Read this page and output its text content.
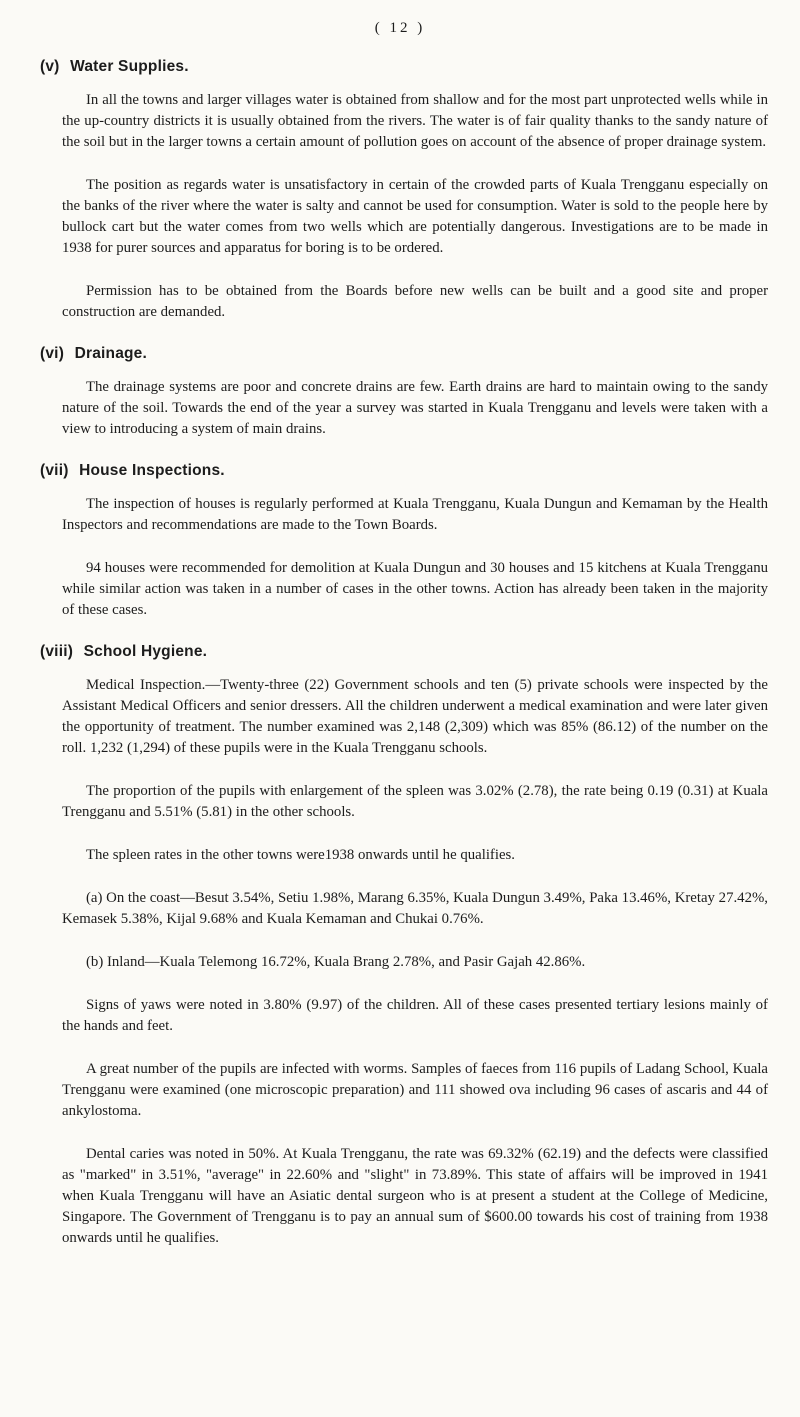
( 12 )
(v) Water Supplies.

In all the towns and larger villages water is obtained from shallow and for the most part unprotected wells while in the up-country districts it is usually obtained from the rivers. The water is of fair quality thanks to the sandy nature of the soil but in the larger towns a certain amount of pollution goes on account of the absence of proper drainage system.

The position as regards water is unsatisfactory in certain of the crowded parts of Kuala Trengganu especially on the banks of the river where the water is salty and cannot be used for consumption. Water is sold to the people here by bullock cart but the water comes from two wells which are potentially dangerous. Investigations are to be made in 1938 for purer sources and apparatus for boring is to be ordered.

Permission has to be obtained from the Boards before new wells can be built and a good site and proper construction are demanded.

(vi) Drainage.

The drainage systems are poor and concrete drains are few. Earth drains are hard to maintain owing to the sandy nature of the soil. Towards the end of the year a survey was started in Kuala Trengganu and levels were taken with a view to introducing a system of main drains.

(vii) House Inspections.

The inspection of houses is regularly performed at Kuala Trengganu, Kuala Dungun and Kemaman by the Health Inspectors and recommendations are made to the Town Boards.

94 houses were recommended for demolition at Kuala Dungun and 30 houses and 15 kitchens at Kuala Trengganu while similar action was taken in a number of cases in the other towns. Action has already been taken in the majority of these cases.

(viii) School Hygiene.

Medical Inspection.—Twenty-three (22) Government schools and ten (5) private schools were inspected by the Assistant Medical Officers and senior dressers. All the children underwent a medical examination and were later given the opportunity of treatment. The number examined was 2,148 (2,309) which was 85% (86.12) of the number on the roll. 1,232 (1,294) of these pupils were in the Kuala Trengganu schools.

The proportion of the pupils with enlargement of the spleen was 3.02% (2.78), the rate being 0.19 (0.31) at Kuala Trengganu and 5.51% (5.81) in the other schools.

The spleen rates in the other towns were1938 onwards until he qualifies.

(a) On the coast—Besut 3.54%, Setiu 1.98%, Marang 6.35%, Kuala Dungun 3.49%, Paka 13.46%, Kretay 27.42%, Kemasek 5.38%, Kijal 9.68% and Kuala Kemaman and Chukai 0.76%.

(b) Inland—Kuala Telemong 16.72%, Kuala Brang 2.78%, and Pasir Gajah 42.86%.

Signs of yaws were noted in 3.80% (9.97) of the children. All of these cases presented tertiary lesions mainly of the hands and feet.

A great number of the pupils are infected with worms. Samples of faeces from 116 pupils of Ladang School, Kuala Trengganu were examined (one microscopic preparation) and 111 showed ova including 96 cases of ascaris and 44 of ankylostoma.

Dental caries was noted in 50%. At Kuala Trengganu, the rate was 69.32% (62.19) and the defects were classified as "marked" in 3.51%, "average" in 22.60% and "slight" in 73.89%. This state of affairs will be improved in 1941 when Kuala Trengganu will have an Asiatic dental surgeon who is at present a student at the College of Medicine, Singapore. The Government of Trengganu is to pay an annual sum of $600.00 towards his cost of training from 1938 onwards until he qualifies.
